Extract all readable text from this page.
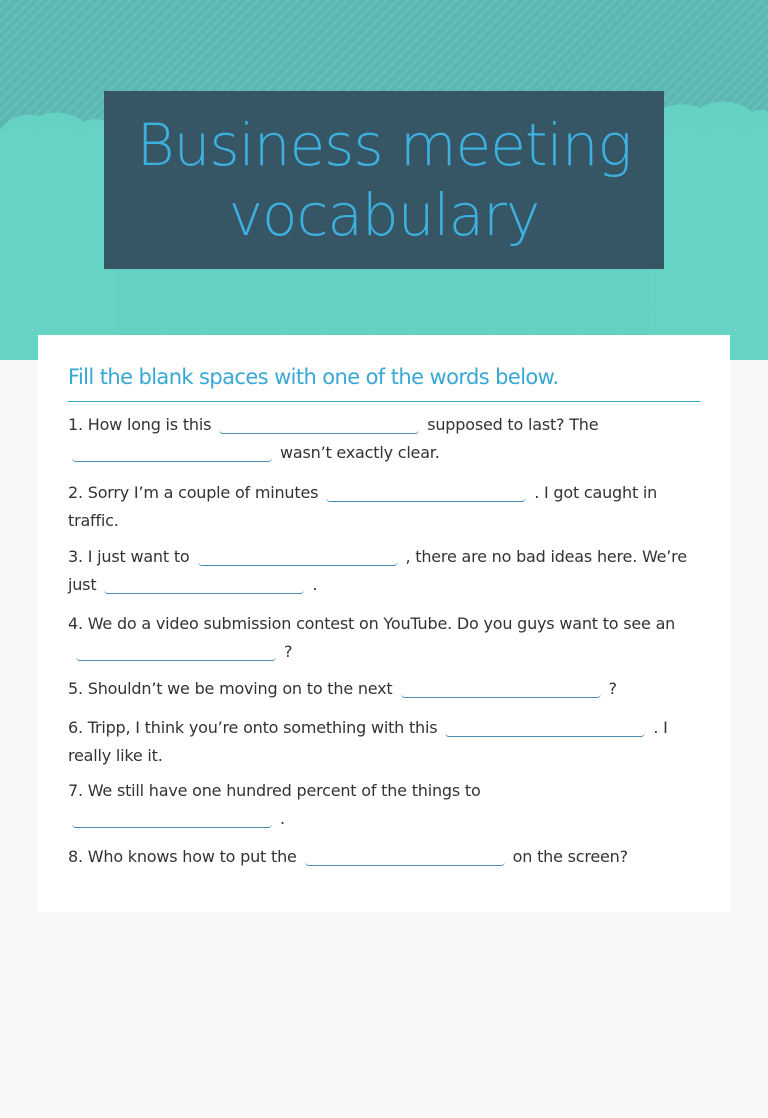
Business meeting
vocabulary
Fill the blank spaces with one of the words below.
1. How long is this	supposed to last? The
wasn’t exactly clear.
2. Sorry I’m a couple of minutes	. I got caught in traffic.
3. I just want to	, there are no bad ideas here. We’re just	.
4. We do a video submission contest on YouTube. Do you guys want to see an?
5. Shouldn’t we be moving on to the next	?
6. Tripp, I think you’re onto something with this	. I really like it.
7. We still have one hundred percent of the things to
.
8. Who knows how to put the	on the screen?
